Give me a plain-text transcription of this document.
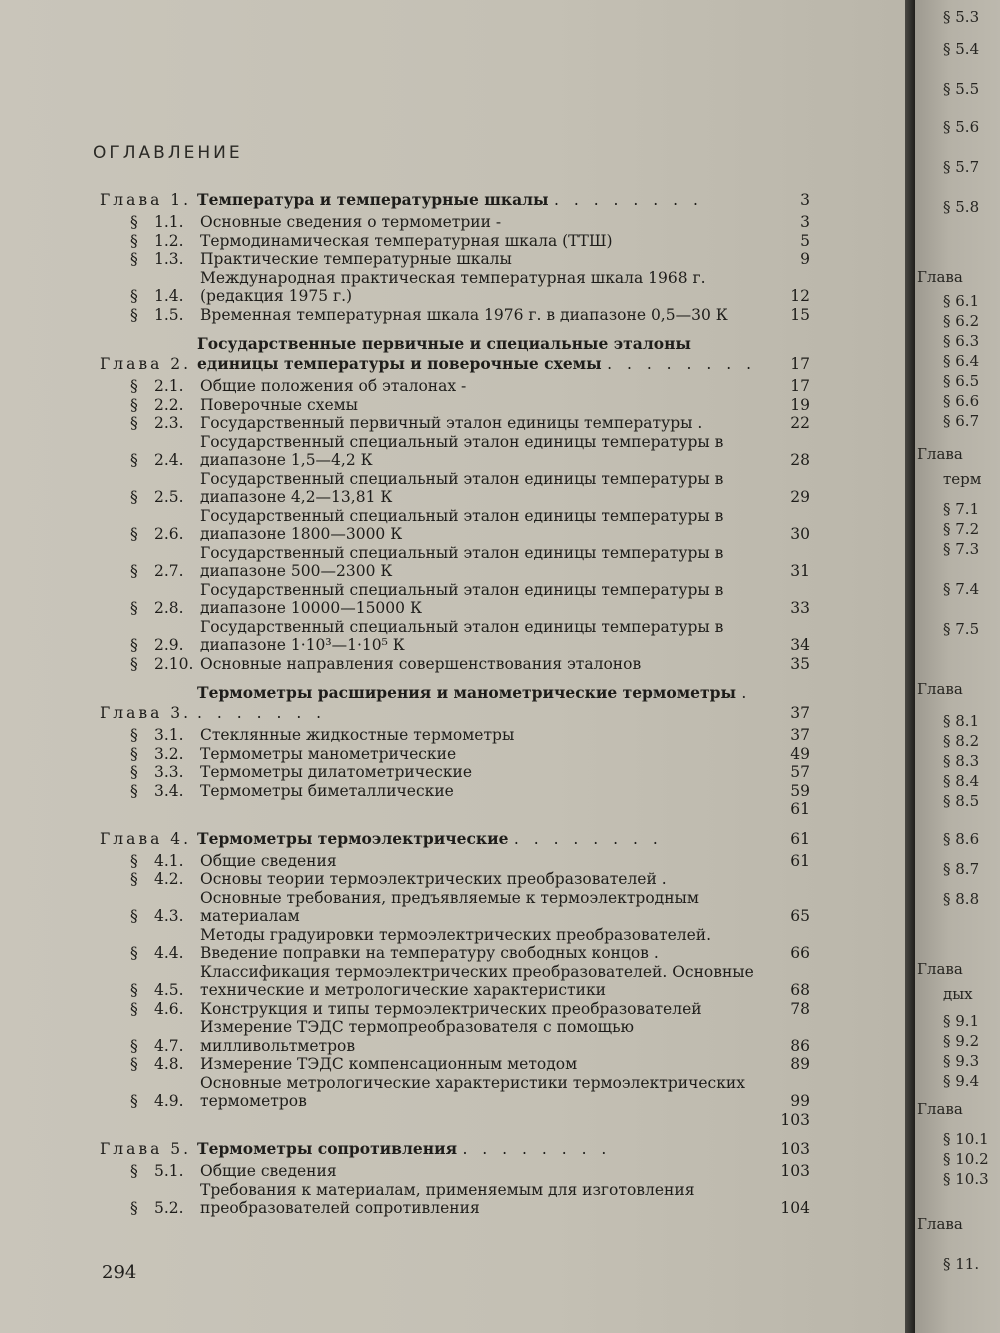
ОГЛАВЛЕНИЕ
Глава 1. Температура и температурные шкалы . . . . . . . .	3
§	1.1.	Основные сведения о термометрии -	3
§	1.2.	Термодинамическая температурная шкала (ТТШ)	5
§	1.3.	Практические температурные шкалы	9
§	1.4.
Международная практическая температурная шкала 1968 г. (редакция 1975 г.)	12
§	1.5.	Временная температурная шкала 1976 г. в диапазоне 0,5—30 К	15
Глава 2.
Государственные первичные и специальные эталоны единицы температуры и поверочные схемы . . . . . . . .	17
§	2.1.	Общие положения об эталонах -	17
§	2.2.	Поверочные схемы	19
§	2.3.	Государственный первичный эталон единицы температуры .	22
§	2.4.
Государственный специальный эталон единицы температуры в диапазоне 1,5—4,2 К	28
§	2.5.
Государственный специальный эталон единицы температуры в диапазоне 4,2—13,81 К	29
§	2.6.
Государственный специальный эталон единицы температуры в диапазоне 1800—3000 К	30
§	2.7.
Государственный специальный эталон единицы температуры в диапазоне 500—2300 К	31
§	2.8.
Государственный специальный эталон единицы температуры в диапазоне 10000—15000 К	33
§	2.9.
Государственный специальный эталон единицы температуры в диапазоне 1·10³—1·10⁵ К	34
§	2.10. Основные направления совершенствования эталонов	35
Глава 3.
Термометры расширения и манометрические термометры . . . . . . . .	37
§	3.1.	Стеклянные жидкостные термометры	37
§	3.2.	Термометры манометрические	49
§	3.3.	Термометры дилатометрические	57
§	3.4.	Термометры биметаллические	59
61
Глава 4. Термометры термоэлектрические . . . . . . . .	61
§	4.1.	Общие сведения	61
§	4.2.	Основы теории термоэлектрических преобразователей .
§	4.3.
Основные требования, предъявляемые к термоэлектродным материалам	65
§	4.4.
Методы градуировки термоэлектрических преобразователей. Введение поправки на температуру свободных концов .	66
§	4.5.
Классификация термоэлектрических преобразователей. Основные технические и метрологические характеристики	68
§	4.6.	Конструкция и типы термоэлектрических преобразователей	78
§	4.7.
Измерение ТЭДС термопреобразователя с помощью милливольтметров	86
§	4.8.	Измерение ТЭДС компенсационным методом	89
§	4.9.
Основные метрологические характеристики термоэлектрических термометров	99
103
Глава 5. Термометры сопротивления . . . . . . . .	103
§	5.1.	Общие сведения	103
§	5.2.
Требования к материалам, применяемым для изготовления преобразователей сопротивления	104
294
§ 5.3
§ 5.4
§ 5.5
§ 5.6
§ 5.7
§ 5.8
Глава
§ 6.1
§ 6.2
§ 6.3
§ 6.4
§ 6.5
§ 6.6
§ 6.7
Глава
терм
§ 7.1
§ 7.2
§ 7.3
§ 7.4
§ 7.5
Глава
§ 8.1
§ 8.2
§ 8.3
§ 8.4
§ 8.5
§ 8.6
§ 8.7
§ 8.8
Глава
дых
§ 9.1
§ 9.2
§ 9.3
§ 9.4
Глава
§ 10.1
§ 10.2
§ 10.3
Глава
§ 11.
